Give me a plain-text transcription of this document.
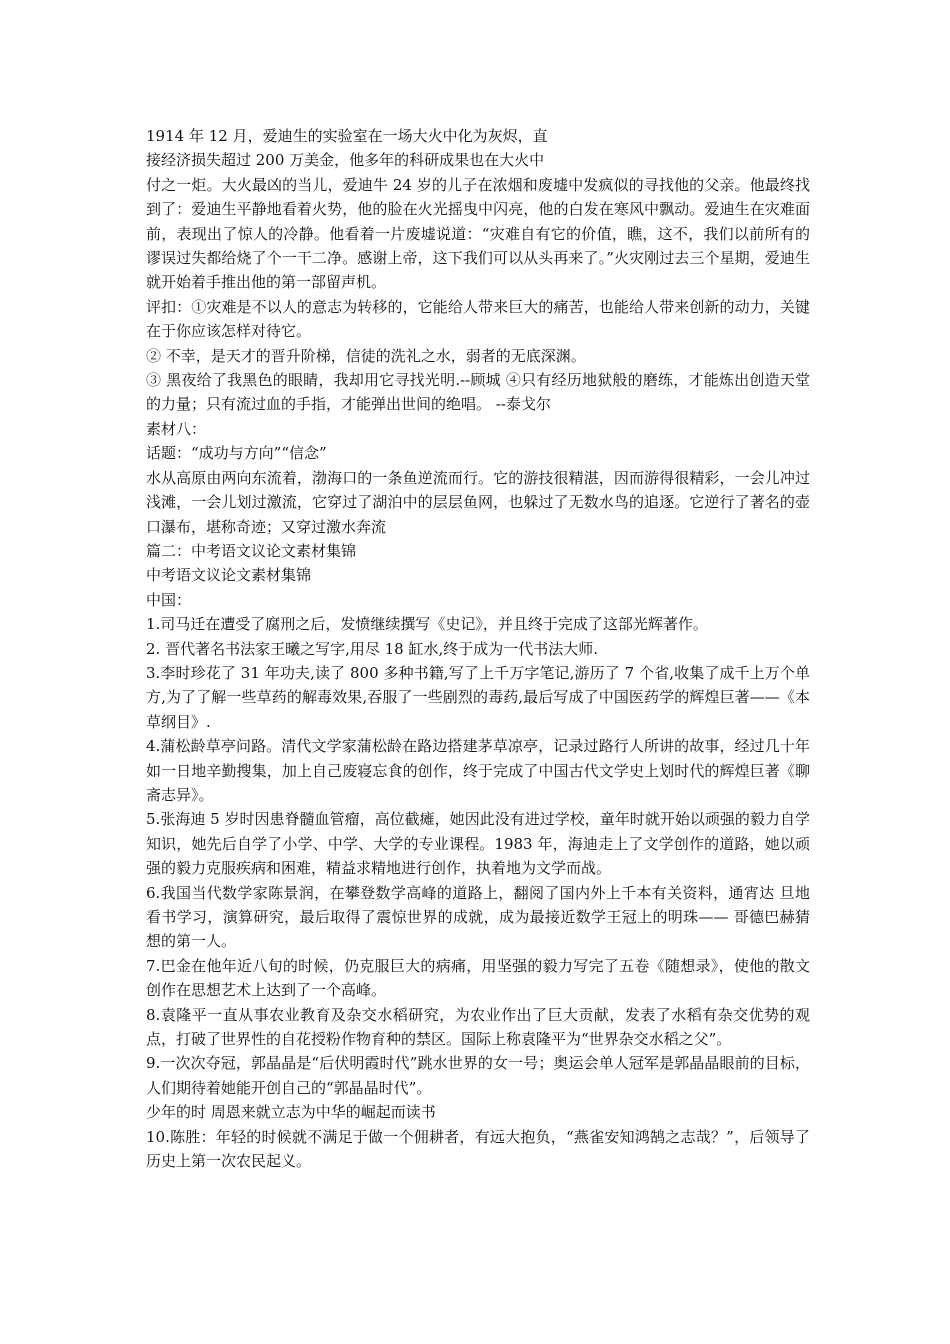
1914 年 12 月，爱迪生的实验室在一场大火中化为灰烬，直

接经济损失超过 200 万美金，他多年的科研成果也在大火中

付之一炬。大火最凶的当儿，爱迪牛 24 岁的儿子在浓烟和废墟中发疯似的寻找他的父亲。他最终找到了：爱迪生平静地看着火势，他的脸在火光摇曳中闪亮，他的白发在寒风中飘动。爱迪生在灾难面前，表现出了惊人的冷静。他看着一片废墟说道：“灾难自有它的价值，瞧，这不，我们以前所有的谬误过失都给烧了个一干二净。感谢上帝，这下我们可以从头再来了。”火灾刚过去三个星期，爱迪生就开始着手推出他的第一部留声机。

评扣：①灾难是不以人的意志为转移的，它能给人带来巨大的痛苦，也能给人带来创新的动力，关键在于你应该怎样对待它。

② 不幸，是天才的晋升阶梯，信徒的洗礼之水，弱者的无底深渊。

③ 黑夜给了我黑色的眼睛，我却用它寻找光明.--顾城 ④只有经历地狱般的磨练，才能炼出创造天堂的力量；只有流过血的手指，才能弹出世间的绝唱。 --泰戈尔

素材八：

话题：“成功与方向”“信念”

水从高原由两向东流着，渤海口的一条鱼逆流而行。它的游技很精湛，因而游得很精彩，一会儿冲过浅滩，一会儿划过激流，它穿过了湖泊中的层层鱼网，也躲过了无数水鸟的追逐。它逆行了著名的壶口瀑布，堪称奇迹；又穿过激水奔流

篇二：中考语文议论文素材集锦

中考语文议论文素材集锦

中国：

1.司马迁在遭受了腐刑之后，发愤继续撰写《史记》，并且终于完成了这部光辉著作。

2. 晋代著名书法家王曦之写字,用尽 18 缸水,终于成为一代书法大师.

3.李时珍花了 31 年功夫,读了 800 多种书籍,写了上千万字笔记,游历了 7 个省,收集了成千上万个单方,为了了解一些草药的解毒效果,吞服了一些剧烈的毒药,最后写成了中国医药学的辉煌巨著——《本草纲目》.

4.蒲松龄草亭问路。清代文学家蒲松龄在路边搭建茅草凉亭，记录过路行人所讲的故事，经过几十年如一日地辛勤搜集，加上自己废寝忘食的创作，终于完成了中国古代文学史上划时代的辉煌巨著《聊斋志异》。

5.张海迪 5 岁时因患脊髓血管瘤，高位截瘫，她因此没有进过学校，童年时就开始以顽强的毅力自学知识，她先后自学了小学、中学、大学的专业课程。1983 年，海迪走上了文学创作的道路，她以顽强的毅力克服疾病和困难，精益求精地进行创作，执着地为文学而战。

6.我国当代数学家陈景润，在攀登数学高峰的道路上，翻阅了国内外上千本有关资料，通宵达 旦地看书学习，演算研究，最后取得了震惊世界的成就，成为最接近数学王冠上的明珠—— 哥德巴赫猜想的第一人。

7.巴金在他年近八旬的时候，仍克服巨大的病痛，用坚强的毅力写完了五卷《随想录》，使他的散文创作在思想艺术上达到了一个高峰。

8.袁隆平一直从事农业教育及杂交水稻研究，为农业作出了巨大贡献，发表了水稻有杂交优势的观点，打破了世界性的自花授粉作物育种的禁区。国际上称袁隆平为“世界杂交水稻之父”。

9.一次次夺冠，郭晶晶是“后伏明霞时代”跳水世界的女一号；奥运会单人冠军是郭晶晶眼前的目标，人们期待着她能开创自己的“郭晶晶时代”。

少年的时 周恩来就立志为中华的崛起而读书

10.陈胜：年轻的时候就不满足于做一个佣耕者，有远大抱负，“燕雀安知鸿鹄之志哉？”，后领导了历史上第一次农民起义。
